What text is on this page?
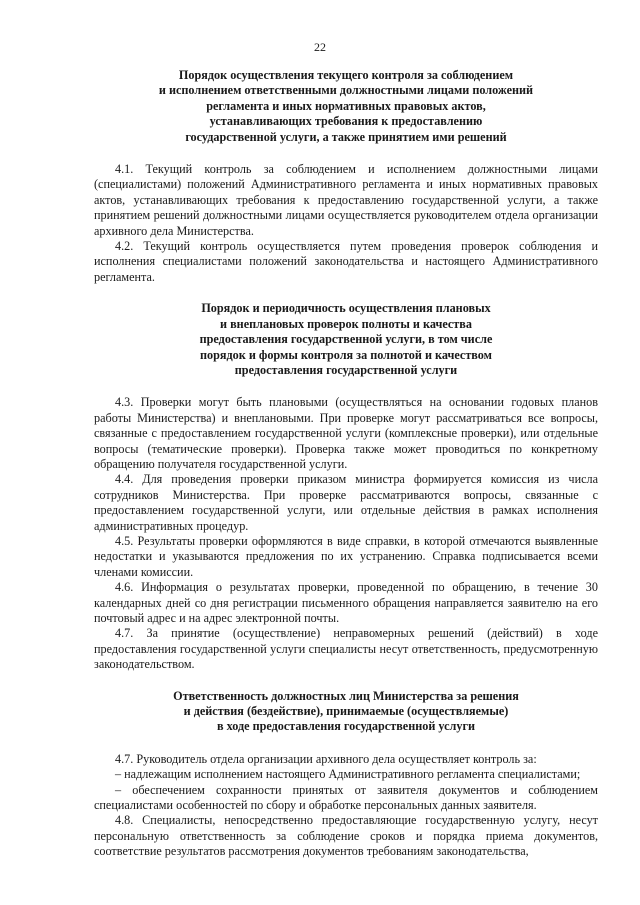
22
Порядок осуществления текущего контроля за соблюдением
и исполнением ответственными должностными лицами положений
регламента и иных нормативных правовых актов,
устанавливающих требования к предоставлению
государственной услуги, а также принятием ими решений

4.1. Текущий контроль за соблюдением и исполнением должностными лицами (специалистами) положений Административного регламента и иных нормативных правовых актов, устанавливающих требования к предоставлению государственной услуги, а также принятием решений должностными лицами осуществляется руководителем отдела организации архивного дела Министерства.

4.2. Текущий контроль осуществляется путем проведения проверок соблюдения и исполнения специалистами положений законодательства и настоящего Административного регламента.

Порядок и периодичность осуществления плановых
и внеплановых проверок полноты и качества
предоставления государственной услуги, в том числе
порядок и формы контроля за полнотой и качеством
предоставления государственной услуги

4.3. Проверки могут быть плановыми (осуществляться на основании годовых планов работы Министерства) и внеплановыми. При проверке могут рассматриваться все вопросы, связанные с предоставлением государственной услуги (комплексные проверки), или отдельные вопросы (тематические проверки). Проверка также может проводиться по конкретному обращению получателя государственной услуги.

4.4. Для проведения проверки приказом министра формируется комиссия из числа сотрудников Министерства. При проверке рассматриваются вопросы, связанные с предоставлением государственной услуги, или отдельные действия в рамках исполнения административных процедур.

4.5. Результаты проверки оформляются в виде справки, в которой отмечаются выявленные недостатки и указываются предложения по их устранению. Справка подписывается всеми членами комиссии.

4.6. Информация о результатах проверки, проведенной по обращению, в течение 30 календарных дней со дня регистрации письменного обращения направляется заявителю на его почтовый адрес и на адрес электронной почты.

4.7. За принятие (осуществление) неправомерных решений (действий) в ходе предоставления государственной услуги специалисты несут ответственность, предусмотренную законодательством.

Ответственность должностных лиц Министерства за решения
и действия (бездействие), принимаемые (осуществляемые)
в ходе предоставления государственной услуги

4.7. Руководитель отдела организации архивного дела осуществляет контроль за:

– надлежащим исполнением настоящего Административного регламента специалистами;

– обеспечением сохранности принятых от заявителя документов и соблюдением специалистами особенностей по сбору и обработке персональных данных заявителя.

4.8. Специалисты, непосредственно предоставляющие государственную услугу, несут персональную ответственность за соблюдение сроков и порядка приема документов, соответствие результатов рассмотрения документов требованиям законодательства,
